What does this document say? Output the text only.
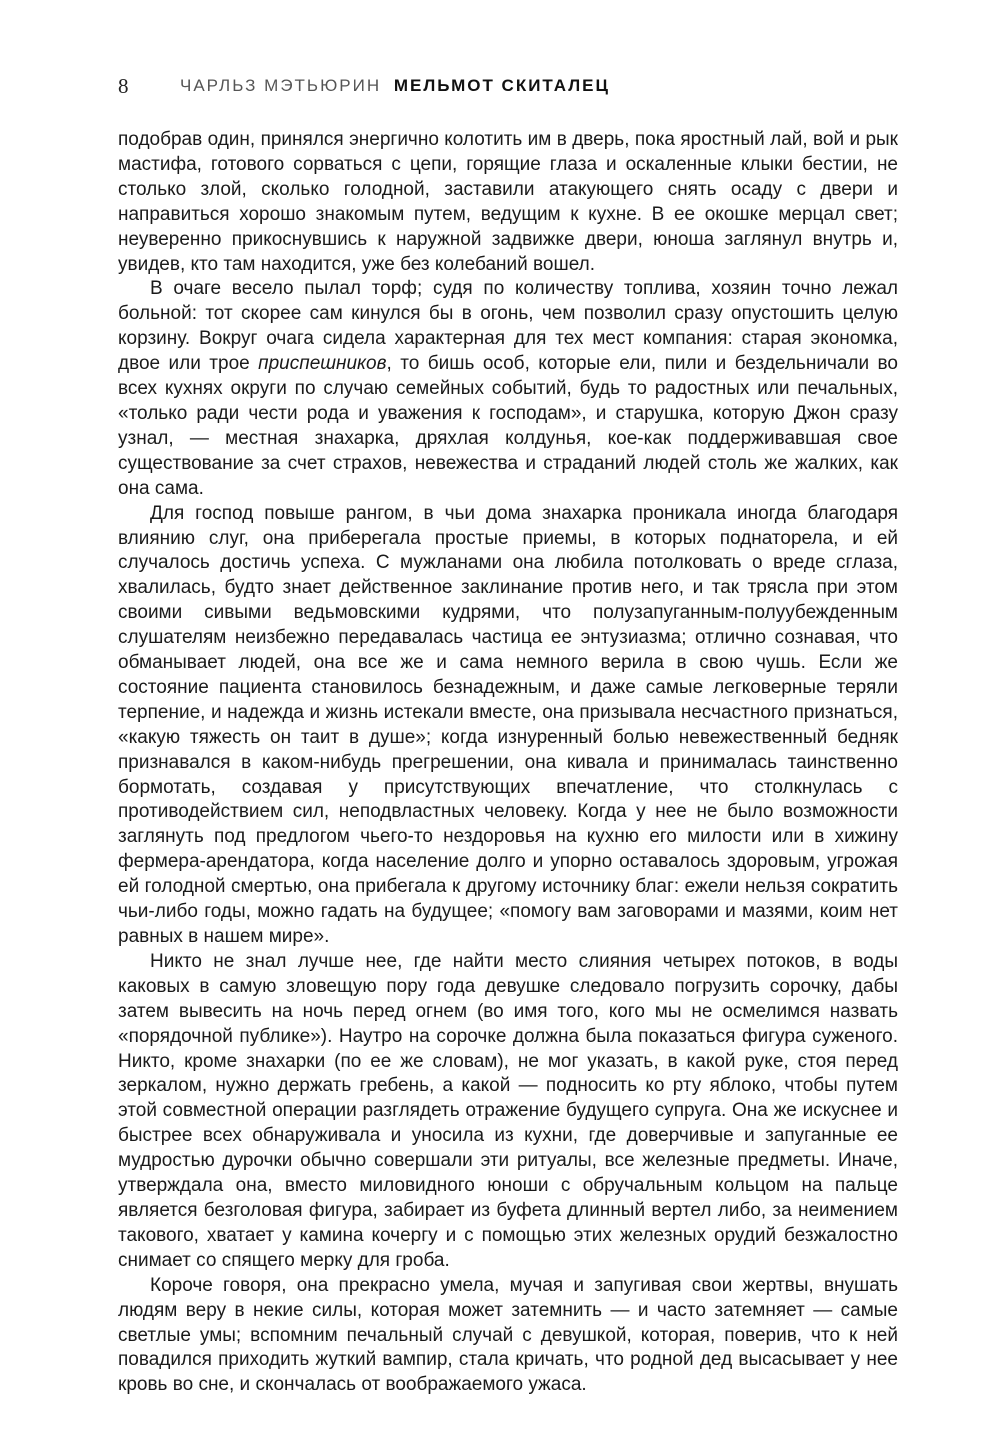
8	ЧАРЛЬЗ МЭТЬЮРИН МЕЛЬМОТ СКИТАЛЕЦ

подобрав один, принялся энергично колотить им в дверь, пока яростный лай, вой и рык мастифа, готового сорваться с цепи, горящие глаза и оскаленные клыки бестии, не столько злой, сколько голодной, заставили атакующего снять осаду с двери и направиться хорошо знакомым путем, ведущим к кухне. В ее окошке мерцал свет; неуверенно прикоснувшись к наружной задвижке двери, юноша заглянул внутрь и, увидев, кто там находится, уже без колебаний вошел.

В очаге весело пылал торф; судя по количеству топлива, хозяин точно лежал больной: тот скорее сам кинулся бы в огонь, чем позволил сразу опустошить целую корзину. Вокруг очага сидела характерная для тех мест компания: старая экономка, двое или трое приспешников, то бишь особ, которые ели, пили и бездельничали во всех кухнях округи по случаю семейных событий, будь то радостных или печальных, «только ради чести рода и уважения к господам», и старушка, которую Джон сразу узнал, — местная знахарка, дряхлая колдунья, кое-как поддерживавшая свое существование за счет страхов, невежества и страданий людей столь же жалких, как она сама.

Для господ повыше рангом, в чьи дома знахарка проникала иногда благодаря влиянию слуг, она приберегала простые приемы, в которых поднаторела, и ей случалось достичь успеха. С мужланами она любила потолковать о вреде сглаза, хвалилась, будто знает действенное заклинание против него, и так трясла при этом своими сивыми ведьмовскими кудрями, что полузапуганным-полуубежденным слушателям неизбежно передавалась частица ее энтузиазма; отлично сознавая, что обманывает людей, она все же и сама немного верила в свою чушь. Если же состояние пациента становилось безнадежным, и даже самые легковерные теряли терпение, и надежда и жизнь истекали вместе, она призывала несчастного признаться, «какую тяжесть он таит в душе»; когда изнуренный болью невежественный бедняк признавался в каком-нибудь прегрешении, она кивала и принималась таинственно бормотать, создавая у присутствующих впечатление, что столкнулась с противодействием сил, неподвластных человеку. Когда у нее не было возможности заглянуть под предлогом чьего-то нездоровья на кухню его милости или в хижину фермера-арендатора, когда население долго и упорно оставалось здоровым, угрожая ей голодной смертью, она прибегала к другому источнику благ: ежели нельзя сократить чьи-либо годы, можно гадать на будущее; «помогу вам заговорами и мазями, коим нет равных в нашем мире».

Никто не знал лучше нее, где найти место слияния четырех потоков, в воды каковых в самую зловещую пору года девушке следовало погрузить сорочку, дабы затем вывесить на ночь перед огнем (во имя того, кого мы не осмелимся назвать «порядочной публике»). Наутро на сорочке должна была показаться фигура суженого. Никто, кроме знахарки (по ее же словам), не мог указать, в какой руке, стоя перед зеркалом, нужно держать гребень, а какой — подносить ко рту яблоко, чтобы путем этой совместной операции разглядеть отражение будущего супруга. Она же искуснее и быстрее всех обнаруживала и уносила из кухни, где доверчивые и запуганные ее мудростью дурочки обычно совершали эти ритуалы, все железные предметы. Иначе, утверждала она, вместо миловидного юноши с обручальным кольцом на пальце является безголовая фигура, забирает из буфета длинный вертел либо, за неимением такового, хватает у камина кочергу и с помощью этих железных орудий безжалостно снимает со спящего мерку для гроба.

Короче говоря, она прекрасно умела, мучая и запугивая свои жертвы, внушать людям веру в некие силы, которая может затемнить — и часто затемняет — самые светлые умы; вспомним печальный случай с девушкой, которая, поверив, что к ней повадился приходить жуткий вампир, стала кричать, что родной дед высасывает у нее кровь во сне, и скончалась от воображаемого ужаса.
